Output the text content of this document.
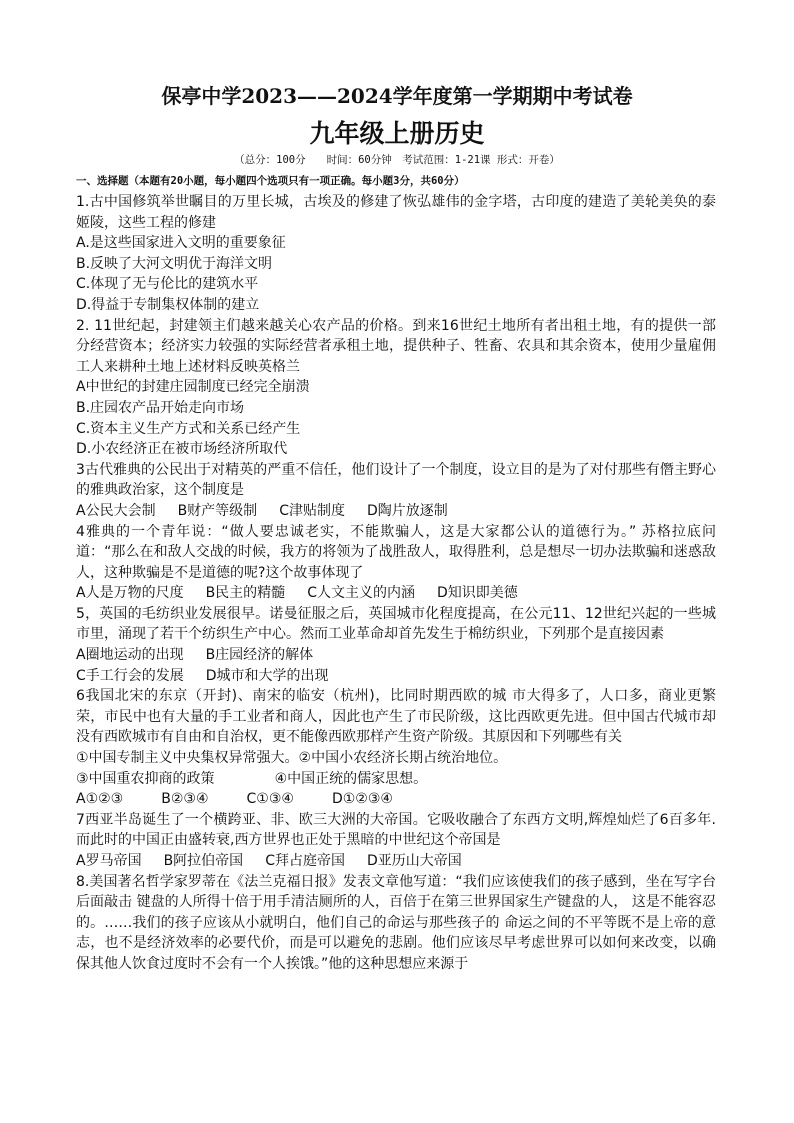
保亭中学2023——2024学年度第一学期期中考试卷
九年级上册历史
（总分：100分　　时间：60分钟　考试范围：1-21课 形式：开卷）

一、选择题（本题有20小题，每小题四个选项只有一项正确。每小题3分，共60分）

1.古中国修筑举世瞩目的万里长城，古埃及的修建了恢弘雄伟的金字塔，古印度的建造了美轮美奂的泰姬陵，这些工程的修建

A.是这些国家进入文明的重要象征

B.反映了大河文明优于海洋文明

C.体现了无与伦比的建筑水平

D.得益于专制集权体制的建立

2. 11世纪起，封建领主们越来越关心农产品的价格。到来16世纪土地所有者出租土地，有的提供一部分经营资本；经济实力较强的实际经营者承租土地，提供种子、牲畜、农具和其余资本，使用少量雇佣工人来耕种土地上述材料反映英格兰

A中世纪的封建庄园制度已经完全崩溃

B.庄园农产品开始走向市场

C.资本主义生产方式和关系已经产生

D.小农经济正在被市场经济所取代

3古代雅典的公民出于对精英的严重不信任，他们设计了一个制度，设立目的是为了对付那些有僭主野心的雅典政治家，这个制度是

A公民大会制 B财产等级制 C津贴制度 D陶片放逐制

4雅典的一个青年说：“做人要忠诚老实，不能欺骗人，这是大家都公认的道德行为。” 苏格拉底问道：“那么在和敌人交战的时候，我方的将领为了战胜敌人，取得胜利，总是想尽一切办法欺骗和迷惑敌人，这种欺骗是不是道德的呢?这个故事体现了

A人是万物的尺度 B民主的精髓 C人文主义的内涵 D知识即美德

5，英国的毛纺织业发展很早。诺曼征服之后，英国城市化程度提高，在公元11、12世纪兴起的一些城市里，涌现了若干个纺织生产中心。然而工业革命却首先发生于棉纺织业，下列那个是直接因素

A圈地运动的出现 B庄园经济的解体

C手工行会的发展 D城市和大学的出现

6我国北宋的东京（开封)、南宋的临安（杭州)，比同时期西欧的城 市大得多了，人口多，商业更繁荣，市民中也有大量的手工业者和商人，因此也产生了市民阶级，这比西欧更先进。但中国古代城市却没有西欧城市有自由和自治权，更不能像西欧那样产生资产阶级。其原因和下列哪些有关

①中国专制主义中央集权异常强大。②中国小农经济长期占统治地位。

③中国重农抑商的政策	④中国正统的儒家思想。

A①②③	B②③④	C①③④	D①②③④

7西亚半岛诞生了一个横跨亚、非、欧三大洲的大帝国。它吸收融合了东西方文明,辉煌灿烂了6百多年.而此时的中国正由盛转衰,西方世界也正处于黑暗的中世纪这个帝国是

A罗马帝国 B阿拉伯帝国 C拜占庭帝国 D亚历山大帝国

8.美国著名哲学家罗蒂在《法兰克福日报》发表文章他写道：“我们应该使我们的孩子感到，坐在写字台后面敲击 键盘的人所得十倍于用手清洁厕所的人，百倍于在第三世界国家生产键盘的人， 这是不能容忍的。……我们的孩子应该从小就明白，他们自己的命运与那些孩子的 命运之间的不平等既不是上帝的意志，也不是经济效率的必要代价，而是可以避免的悲剧。他们应该尽早考虑世界可以如何来改变，以确保其他人饮食过度时不会有一个人挨饿。”他的这种思想应来源于
